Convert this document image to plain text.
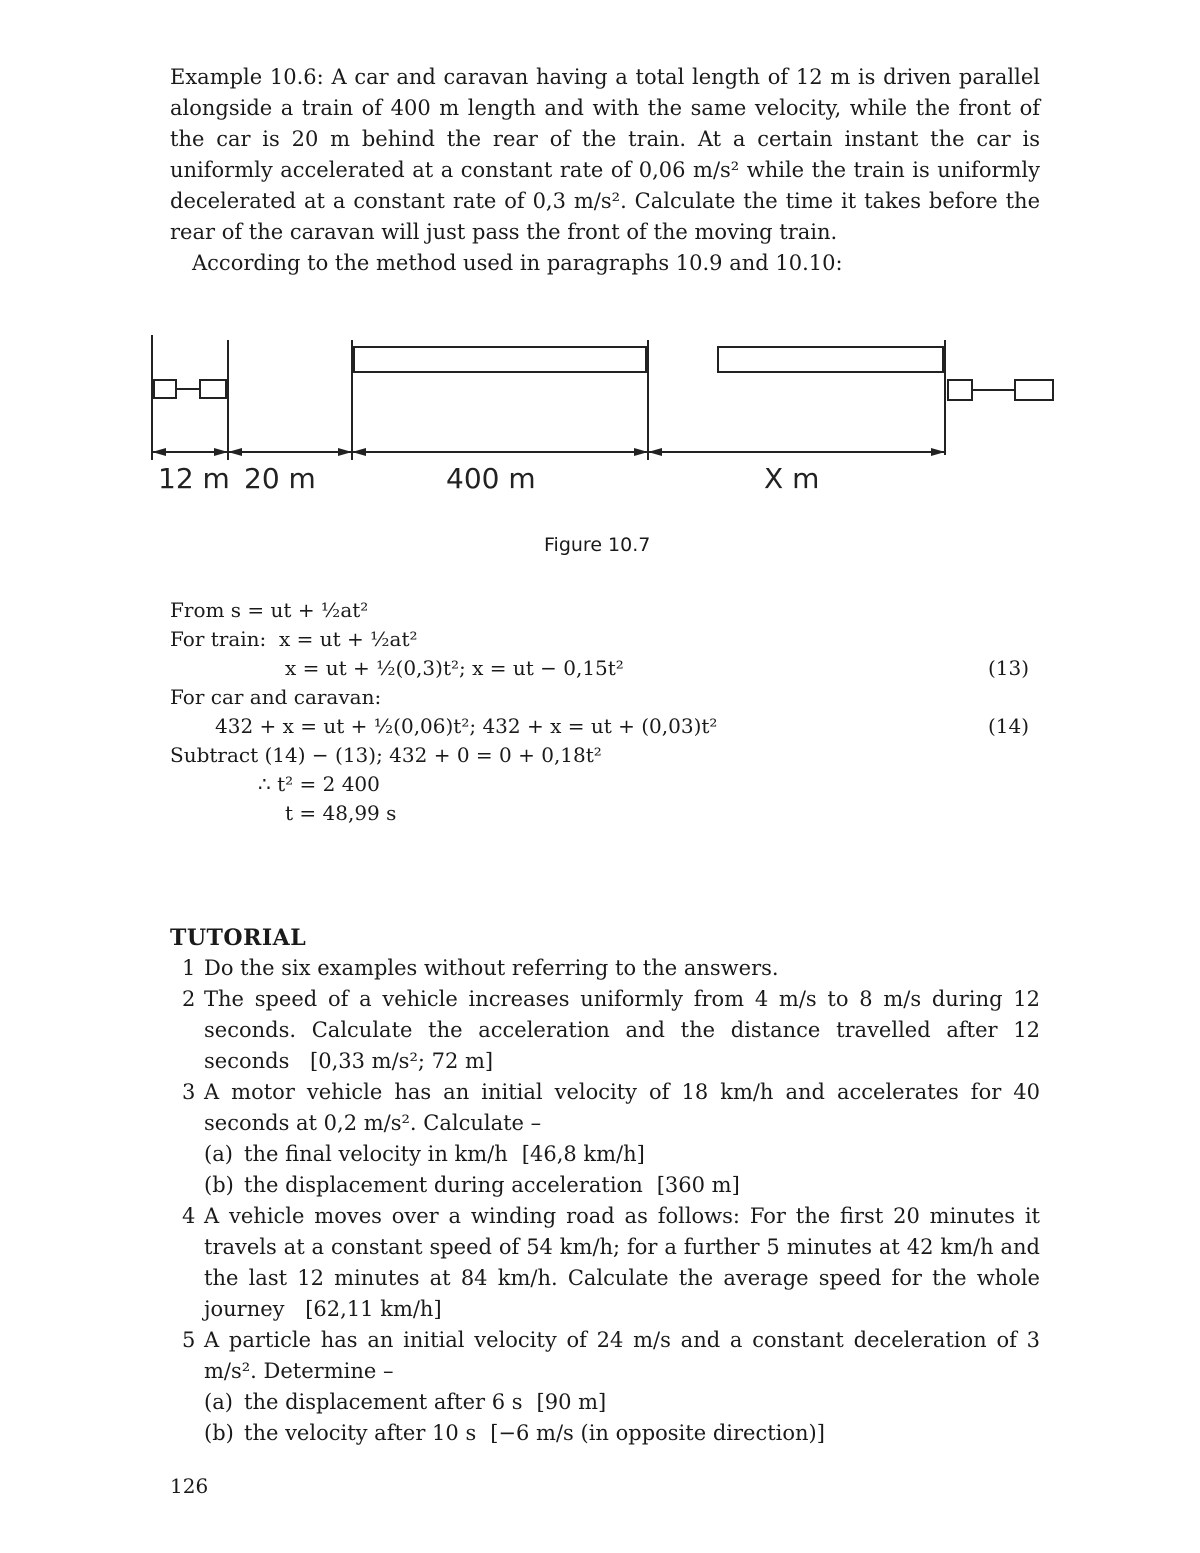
Example 10.6: A car and caravan having a total length of 12 m is driven parallel alongside a train of 400 m length and with the same velocity, while the front of the car is 20 m behind the rear of the train. At a certain instant the car is uniformly accelerated at a constant rate of 0,06 m/s² while the train is uniformly decelerated at a constant rate of 0,3 m/s². Calculate the time it takes before the rear of the caravan will just pass the front of the moving train.

According to the method used in paragraphs 10.9 and 10.10:

12 m 20 m	400 m	X m
Figure 10.7
From s = ut + ½at²
For train:  x = ut + ½at²
x = ut + ½(0,3)t²; x = ut − 0,15t²	(13)
For car and caravan:
432 + x = ut + ½(0,06)t²; 432 + x = ut + (0,03)t²	(14)
Subtract (14) − (13); 432 + 0 = 0 + 0,18t²
∴ t² = 2 400
t = 48,99 s
TUTORIAL
1 Do the six examples without referring to the answers.
2 The speed of a vehicle increases uniformly from 4 m/s to 8 m/s during 12 seconds. Calculate the acceleration and the distance travelled after 12 seconds [0,33 m/s²; 72 m]
3 A motor vehicle has an initial velocity of 18 km/h and accelerates for 40 seconds at 0,2 m/s². Calculate –
(a) the final velocity in km/h [46,8 km/h]
(b) the displacement during acceleration [360 m]
4 A vehicle moves over a winding road as follows: For the first 20 minutes it travels at a constant speed of 54 km/h; for a further 5 minutes at 42 km/h and the last 12 minutes at 84 km/h. Calculate the average speed for the whole journey [62,11 km/h]
5 A particle has an initial velocity of 24 m/s and a constant deceleration of 3 m/s². Determine –
(a) the displacement after 6 s [90 m]
(b) the velocity after 10 s [−6 m/s (in opposite direction)]
126
